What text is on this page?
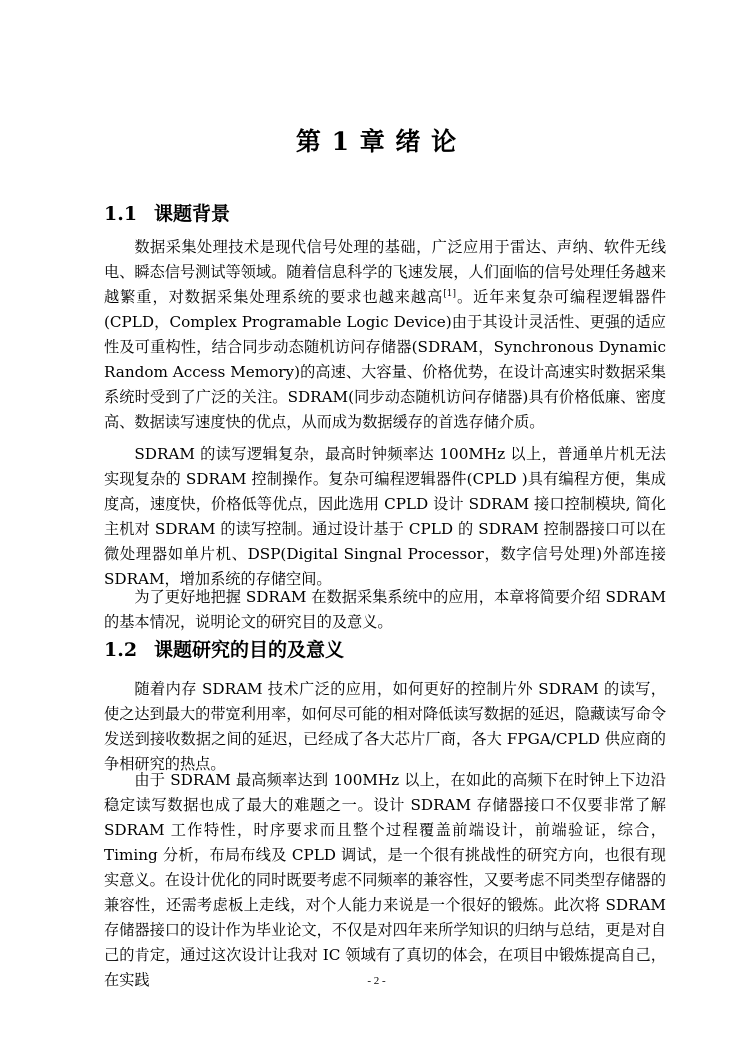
第 1 章 绪 论
1.1 课题背景

数据采集处理技术是现代信号处理的基础，广泛应用于雷达、声纳、软件无线电、瞬态信号测试等领域。随着信息科学的飞速发展，人们面临的信号处理任务越来越繁重，对数据采集处理系统的要求也越来越高[1]。近年来复杂可编程逻辑器件(CPLD，Complex Programable Logic Device)由于其设计灵活性、更强的适应性及可重构性，结合同步动态随机访问存储器(SDRAM，Synchronous Dynamic Random Access Memory)的高速、大容量、价格优势，在设计高速实时数据采集系统时受到了广泛的关注。SDRAM(同步动态随机访问存储器)具有价格低廉、密度高、数据读写速度快的优点，从而成为数据缓存的首选存储介质。

SDRAM 的读写逻辑复杂，最高时钟频率达 100MHz 以上，普通单片机无法实现复杂的 SDRAM 控制操作。复杂可编程逻辑器件(CPLD )具有编程方便，集成度高，速度快，价格低等优点，因此选用 CPLD 设计 SDRAM 接口控制模块, 简化主机对 SDRAM 的读写控制。通过设计基于 CPLD 的 SDRAM 控制器接口可以在微处理器如单片机、DSP(Digital Singnal Processor，数字信号处理)外部连接 SDRAM，增加系统的存储空间。

为了更好地把握 SDRAM 在数据采集系统中的应用，本章将简要介绍 SDRAM 的基本情况，说明论文的研究目的及意义。

1.2 课题研究的目的及意义

随着内存 SDRAM 技术广泛的应用，如何更好的控制片外 SDRAM 的读写，使之达到最大的带宽利用率，如何尽可能的相对降低读写数据的延迟，隐藏读写命令发送到接收数据之间的延迟，已经成了各大芯片厂商，各大 FPGA/CPLD 供应商的争相研究的热点。

由于 SDRAM 最高频率达到 100MHz 以上，在如此的高频下在时钟上下边沿稳定读写数据也成了最大的难题之一。设计 SDRAM 存储器接口不仅要非常了解 SDRAM 工作特性，时序要求而且整个过程覆盖前端设计，前端验证，综合，Timing 分析，布局布线及 CPLD 调试，是一个很有挑战性的研究方向，也很有现实意义。在设计优化的同时既要考虑不同频率的兼容性，又要考虑不同类型存储器的兼容性，还需考虑板上走线，对个人能力来说是一个很好的锻炼。此次将 SDRAM 存储器接口的设计作为毕业论文，不仅是对四年来所学知识的归纳与总结，更是对自己的肯定，通过这次设计让我对 IC 领域有了真切的体会，在项目中锻炼提高自己，在实践	- 2 -
